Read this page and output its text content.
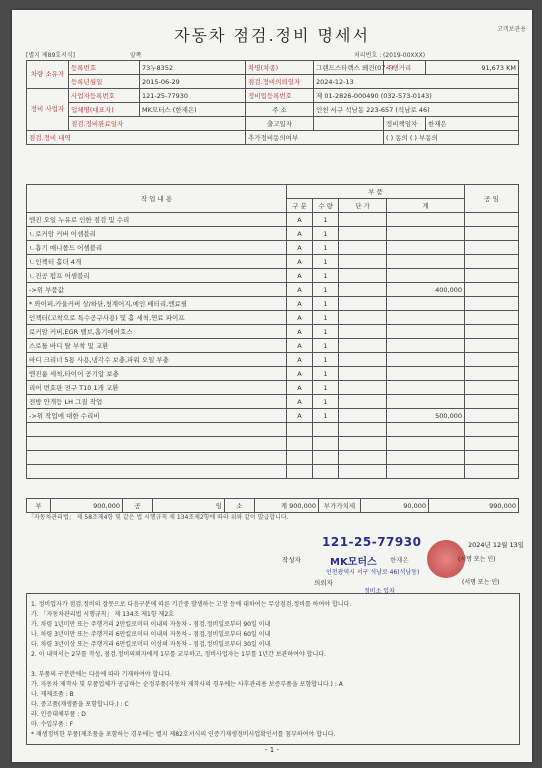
자동차 점검.정비 명세서	고객보관용
[별지 제89호서식]	앞쪽	처리번호 : (2019-00XXX)
차량 소유자	등록번호	73누8352	차명(차종)	그랜드스타렉스 왜건(07~)	주행거리	91,673 KM
	등록년월일	2015-06-29	점검.정비의뢰일자	2024-12-13		
정비 사업자	사업자등록번호	121-25-77930	정비업등록번호	제 01-2826-000490 (032-573-0143)		
	업체명(대표자)	MK모터스 (한재은)	주 소	인천 서구 석남동 223-657 (석남로 46)		
	점검.정비완료일자		출고일자		정비책임자	한재은
점검.정비 내역			추가정비동의여부		( ) 동의 ( ) 부동의	
작 업 내 용	부 품				공 임
	구 분	수 량	단 가	계	
엔진 오일 누유로 인한 점검 및 수리	A	1			
ㄴ로커암 커버 어셈블리	A	1			
ㄴ흡기 매니폴드 어셈블리	A	1			
ㄴ인젝터 홀더 4개	A	1			
ㄴ진공 펌프 어셈블리	A	1			
->위 부품값	A	1		400,000	
* 와이퍼,카울커버 상/하단,청계어지,메인 배터리,엔료필	A	1			
인젝터(고착으로 특수공구사용) 및 홀 세척,연료 파이프	A	1			
로커암 커버,EGR 밸브,흡기에어호스	A	1			
스로틀 바디 탈 부착 및 교환	A	1			
바디 크리너 5통 사용,냉각수 보충,파워 오일 부충	A	1			
엔진룸 세척,타이어 공기압 보충	A	1			
리어 번호판 전구 T10 1개 교환	A	1			
전방 안개등 LH 그질 작업	A	1			
->위 작업에 대한 수리비	A	1		500,000	

부	900,000	공	임	소	계 900,000	부가가치세	90,000	990,000
「자동차관리법」 제 58조제4항 및 같은 법 시행규칙 제 134조제2항에 따라 위와 같이 발급합니다.
121-25-77930	2024년 12월 13일
작성자	MK모터스 한재은	(서명 또는 인)
인천광역시 서구 석남로 46(석남동)
의뢰자
정비소 입차
(서명 또는 인)
1. 정비업자가 점검.정비의 잘못으로 다음구분에 따른 기간중 발생하는 고장 등에 대하여는 무상점검.정비를 하여야 합니다.
가. 「자동차관리법 시행규칙」 제 134조 제1항 제2호
가. 차령 1년미만 또는 주행거리 2만킬로미터 이내의 자동차 - 점검.정비일로부터 90일 이내
나. 차령 3년미만 또는 주행거리 6만킬로미터 이내의 자동차 - 점검.정비일로부터 60일 이내
다. 차령 3년이상 또는 주행거리 6만킬로미터 이상의 자동차 - 점검.정비일로부터 30일 이내
2. 이 내역서는 2부를 작성, 점검.정비의뢰자에게 1부를 교부하고, 정비사업자는 1부를 1년간 보관하여야 합니다.
3. 부품의 구분란에는 다음에 따라 기재하여야 합니다.
가. 자동차 제작사 및 부품업체가 공급하는 순정부품(자동차 제작사의 경우에는 사후관리용 보증부품을 포함합니다.) : A
나. 재제조품 : B
다. 중고품(재생품을 포함합니다.) : C
라. 인증대체부품 : D
마. 수입부품 : F
* 재생정비한 부품(제조품을 포함하는 경우에는 별지 제82호서식의 인증기재생정비사업확인서를 첨부하여야 합니다.
- 1 -
